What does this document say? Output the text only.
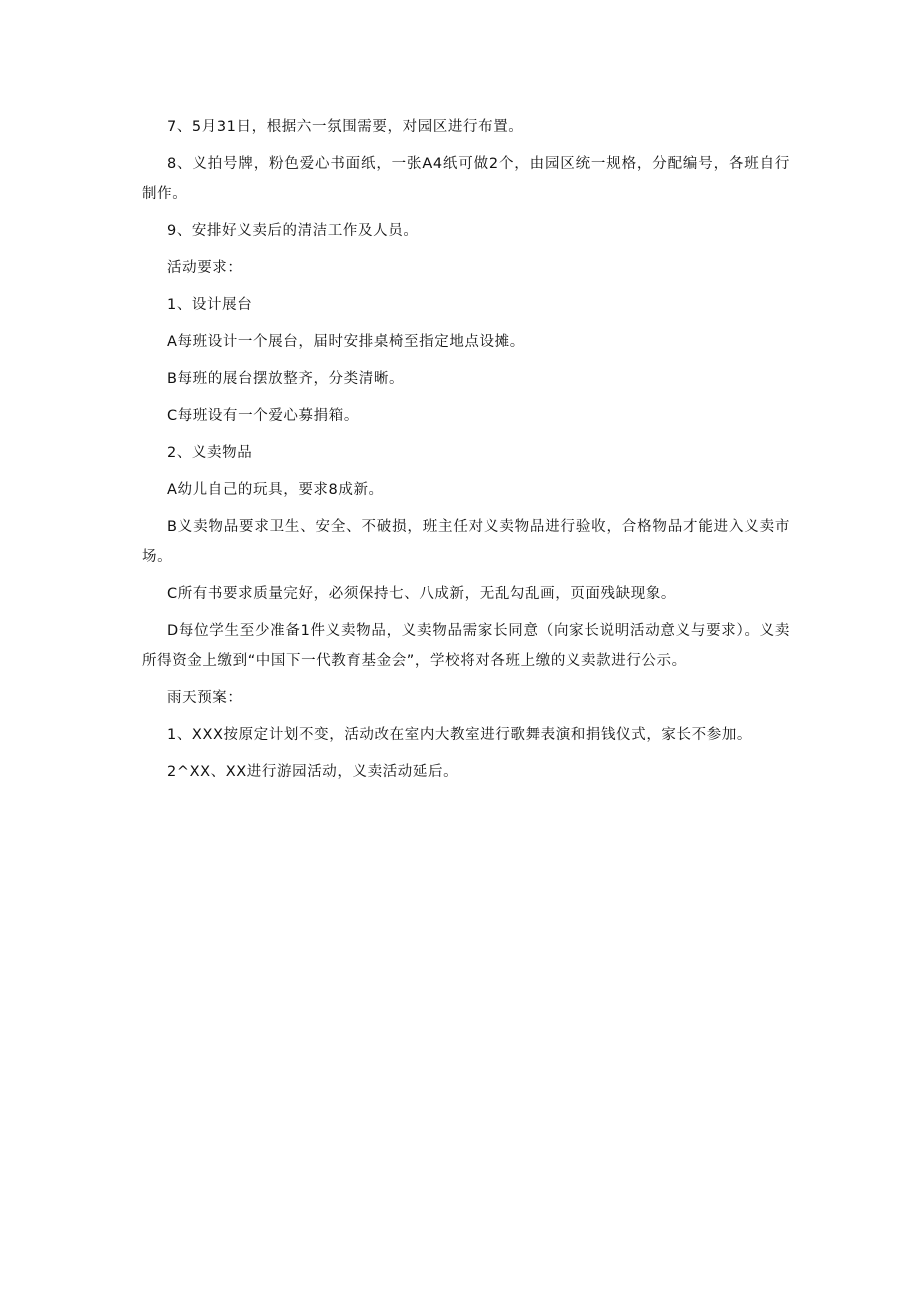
7、5月31日，根据六一氛围需要，对园区进行布置。

8、义拍号牌，粉色爱心书面纸，一张A4纸可做2个，由园区统一规格，分配编号，各班自行制作。

9、安排好义卖后的清洁工作及人员。

活动要求：

1、设计展台

A每班设计一个展台，届时安排桌椅至指定地点设摊。

B每班的展台摆放整齐，分类清晰。

C每班设有一个爱心募捐箱。

2、义卖物品

A幼儿自己的玩具，要求8成新。

B义卖物品要求卫生、安全、不破损，班主任对义卖物品进行验收，合格物品才能进入义卖市场。

C所有书要求质量完好，必须保持七、八成新，无乱勾乱画，页面残缺现象。

D每位学生至少准备1件义卖物品，义卖物品需家长同意（向家长说明活动意义与要求）。义卖所得资金上缴到“中国下一代教育基金会”，学校将对各班上缴的义卖款进行公示。

雨天预案：

1、XXX按原定计划不变，活动改在室内大教室进行歌舞表演和捐钱仪式，家长不参加。

2^XX、XX进行游园活动，义卖活动延后。
